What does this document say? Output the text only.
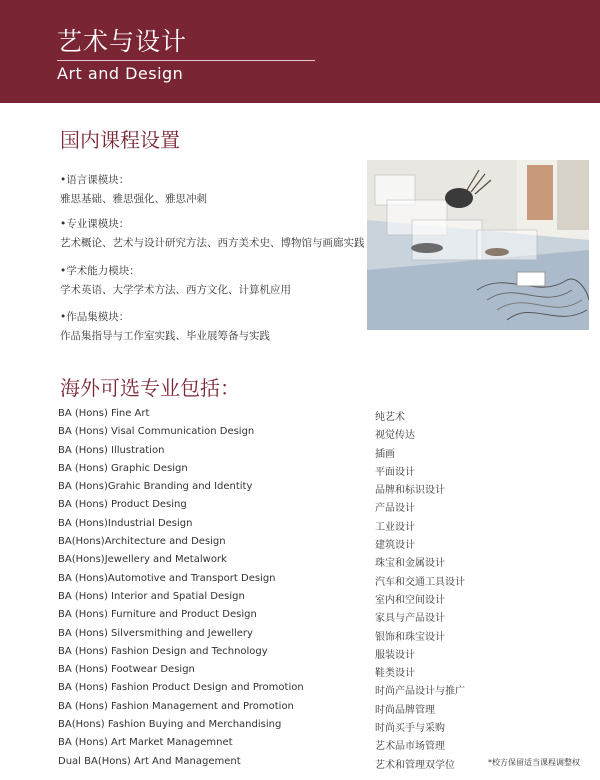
艺术与设计
Art and Design
国内课程设置
•语言课模块：
雅思基础、雅思强化、雅思冲刺
•专业课模块：
艺术概论、艺术与设计研究方法、西方美术史、博物馆与画廊实践
•学术能力模块：
学术英语、大学学术方法、西方文化、计算机应用
•作品集模块：
作品集指导与工作室实践、毕业展筹备与实践
海外可选专业包括：
BA (Hons) Fine Art	纯艺术
BA (Hons) Visal Communication Design	视觉传达
BA (Hons) Illustration	插画
BA (Hons) Graphic Design	平面设计
BA (Hons)Grahic Branding and Identity	品牌和标识设计
BA (Hons) Product Desing	产品设计
BA (Hons)Industrial Design	工业设计
BA(Hons)Architecture and Design	建筑设计
BA(Hons)Jewellery and Metalwork	珠宝和金属设计
BA (Hons)Automotive and Transport Design	汽车和交通工具设计
BA (Hons) Interior and Spatial Design	室内和空间设计
BA (Hons) Furniture and Product Design	家具与产品设计
BA (Hons) Silversmithing and Jewellery	银饰和珠宝设计
BA (Hons) Fashion Design and Technology	服装设计
BA (Hons) Footwear Design	鞋类设计
BA (Hons) Fashion Product Design and Promotion	时尚产品设计与推广
BA (Hons) Fashion Management and Promotion	时尚品牌管理
BA(Hons) Fashion Buying and Merchandising	时尚买手与采购
BA (Hons) Art Market Managemnet	艺术品市场管理
Dual BA(Hons) Art And Management	艺术和管理双学位	*校方保留适当课程调整权
